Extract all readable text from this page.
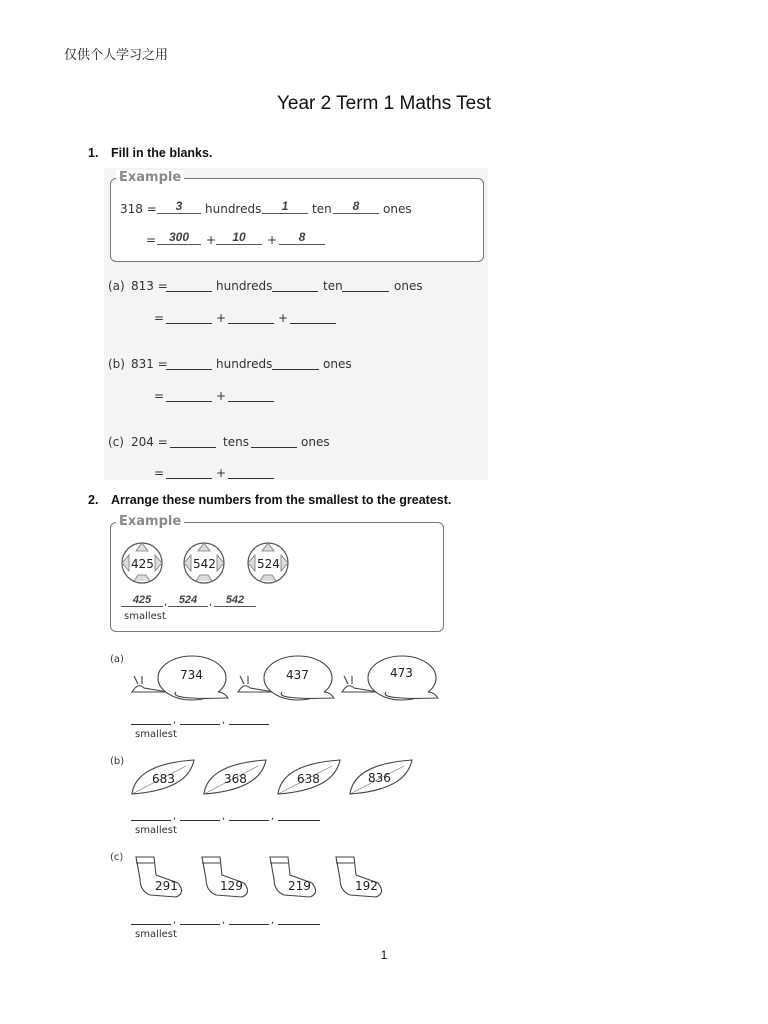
仅供个人学习之用
Year 2 Term 1 Maths Test
1. Fill in the blanks.
Example
318 =	3	hundreds	1	ten	8	ones
=	300	+	10	+	8
(a) 813 =	hundreds	ten	ones
=	+	+
(b) 831 =	hundreds	ones
=	+
(c) 204 =	tens	ones
=	+
2. Arrange these numbers from the smallest to the greatest.
Example
425	542	524
425	,	524	,	542
smallest
(a)
734	437	473
,	,
smallest
(b)
683	368	638	836
,	,	,
smallest
(c)
291	129	219	192
,	,	,
smallest
1
